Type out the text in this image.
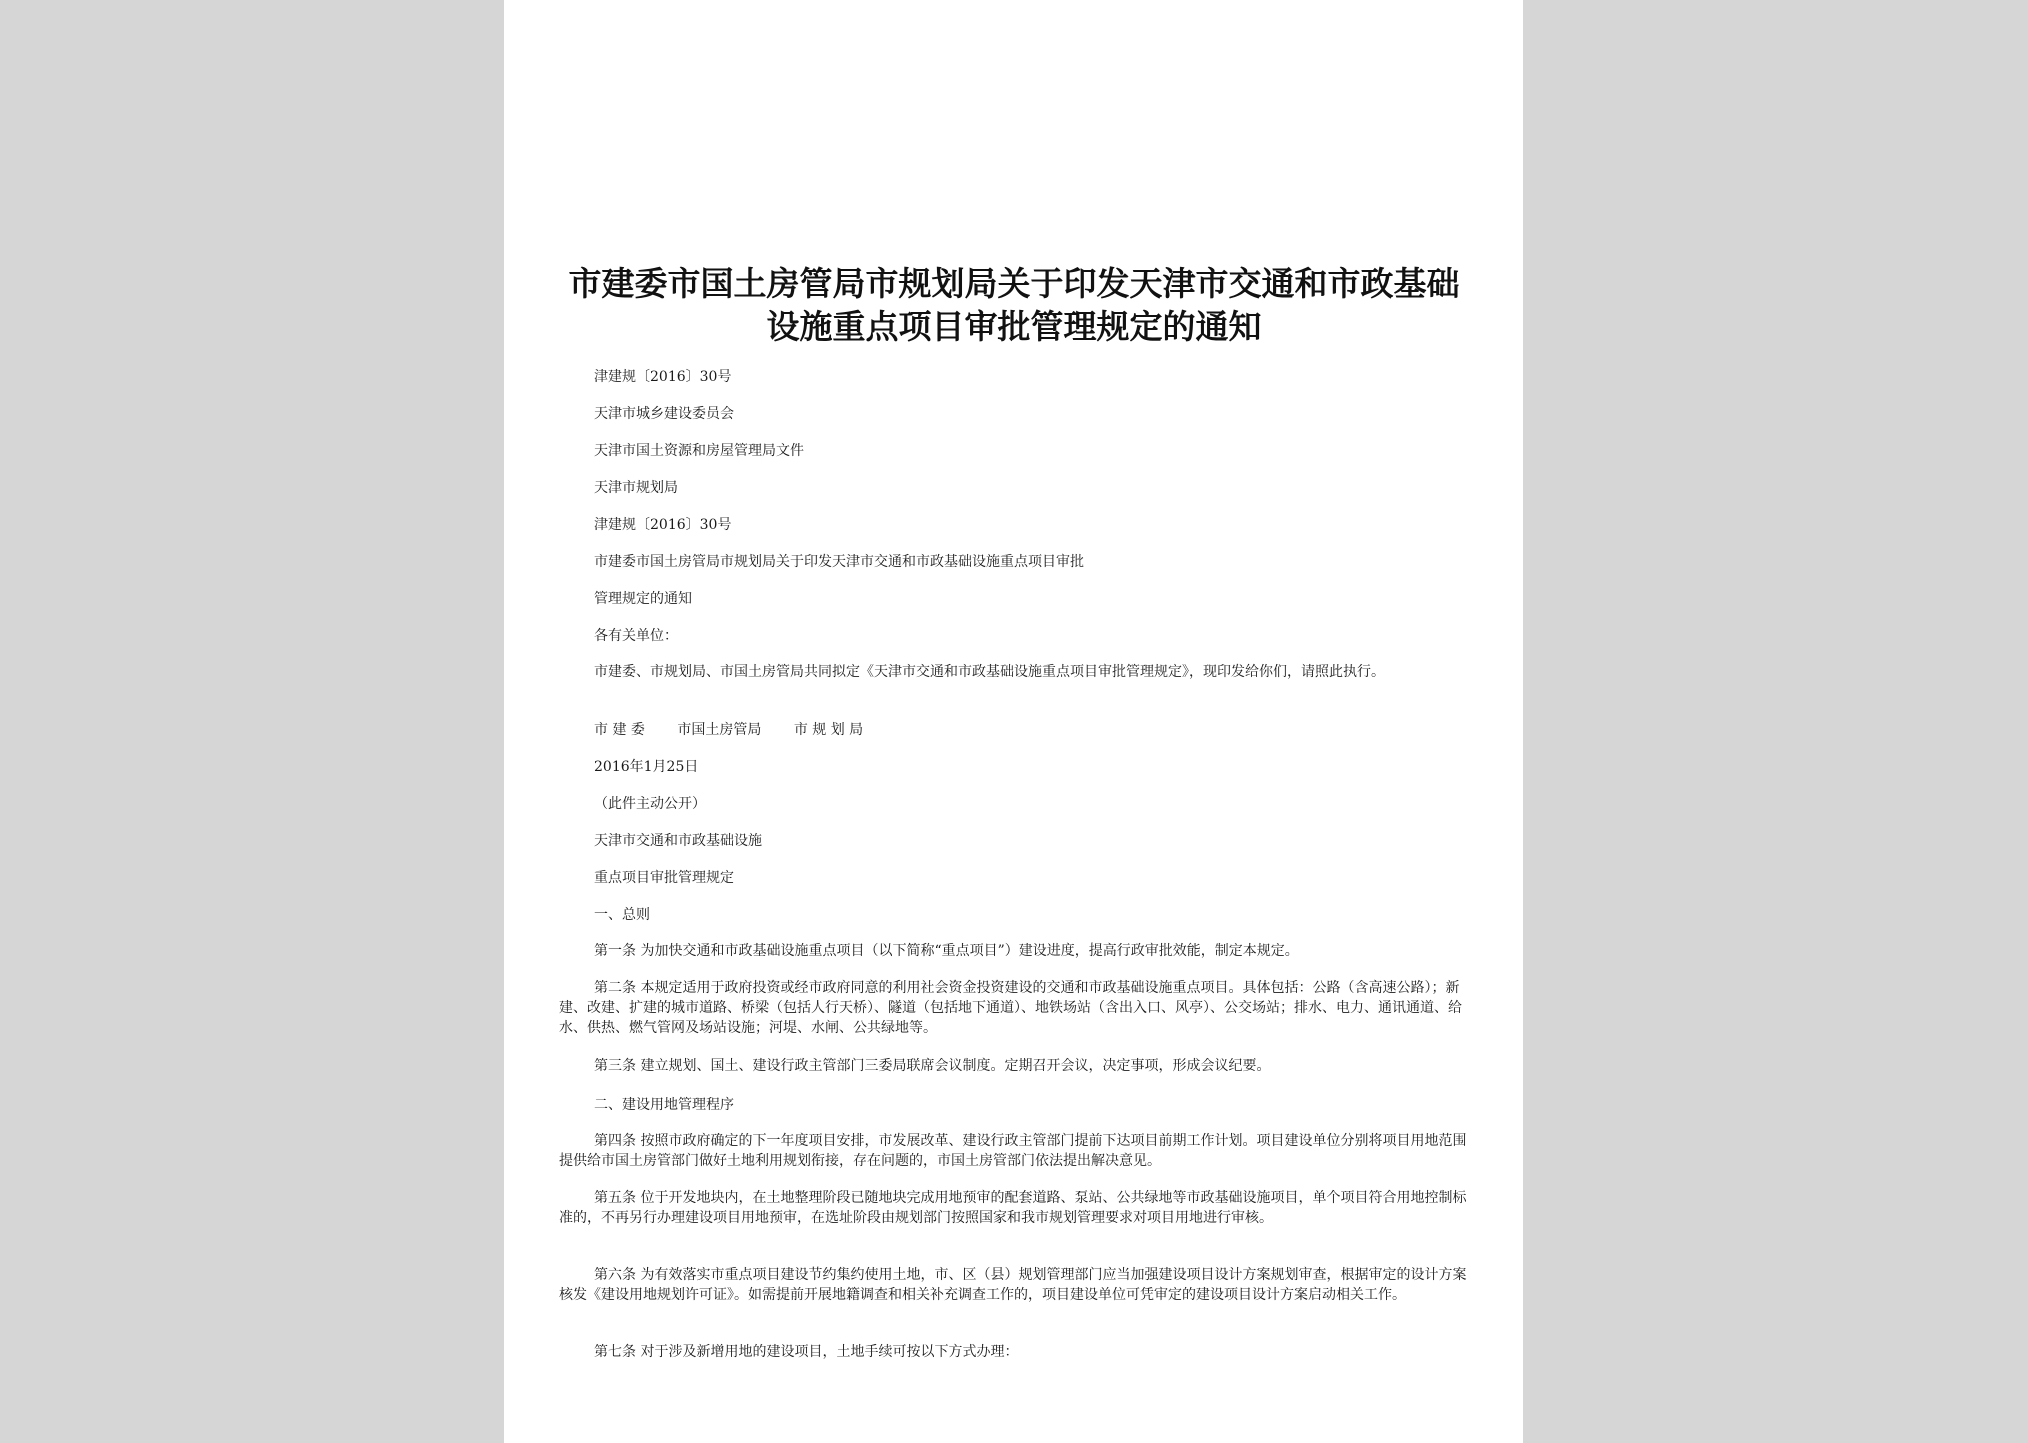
市建委市国土房管局市规划局关于印发天津市交通和市政基础设施重点项目审批管理规定的通知

津建规〔2016〕30号

天津市城乡建设委员会

天津市国土资源和房屋管理局文件

天津市规划局

津建规〔2016〕30号

市建委市国土房管局市规划局关于印发天津市交通和市政基础设施重点项目审批

管理规定的通知

各有关单位：

市建委、市规划局、市国土房管局共同拟定《天津市交通和市政基础设施重点项目审批管理规定》，现印发给你们，请照此执行。

市 建 委 市国土房管局 市 规 划 局

2016年1月25日

（此件主动公开）

天津市交通和市政基础设施

重点项目审批管理规定

一、总则

第一条 为加快交通和市政基础设施重点项目（以下简称“重点项目”）建设进度，提高行政审批效能，制定本规定。

第二条 本规定适用于政府投资或经市政府同意的利用社会资金投资建设的交通和市政基础设施重点项目。具体包括：公路（含高速公路）；新建、改建、扩建的城市道路、桥梁（包括人行天桥）、隧道（包括地下通道）、地铁场站（含出入口、风亭）、公交场站；排水、电力、通讯通道、给水、供热、燃气管网及场站设施；河堤、水闸、公共绿地等。

第三条 建立规划、国土、建设行政主管部门三委局联席会议制度。定期召开会议，决定事项，形成会议纪要。

二、建设用地管理程序

第四条 按照市政府确定的下一年度项目安排，市发展改革、建设行政主管部门提前下达项目前期工作计划。项目建设单位分别将项目用地范围提供给市国土房管部门做好土地利用规划衔接，存在问题的，市国土房管部门依法提出解决意见。

第五条 位于开发地块内，在土地整理阶段已随地块完成用地预审的配套道路、泵站、公共绿地等市政基础设施项目，单个项目符合用地控制标准的，不再另行办理建设项目用地预审，在选址阶段由规划部门按照国家和我市规划管理要求对项目用地进行审核。

第六条 为有效落实市重点项目建设节约集约使用土地，市、区（县）规划管理部门应当加强建设项目设计方案规划审查，根据审定的设计方案核发《建设用地规划许可证》。如需提前开展地籍调查和相关补充调查工作的，项目建设单位可凭审定的建设项目设计方案启动相关工作。

第七条 对于涉及新增用地的建设项目，土地手续可按以下方式办理：
